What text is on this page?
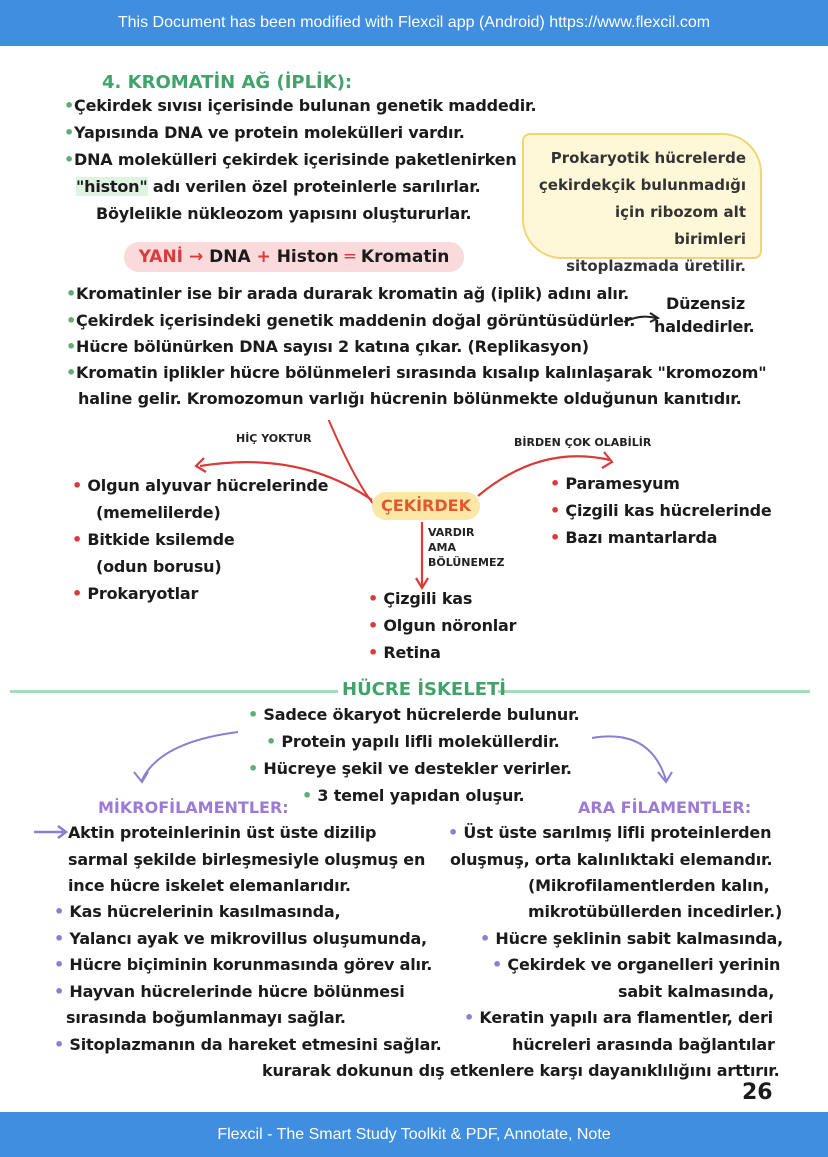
This Document has been modified with Flexcil app (Android) https://www.flexcil.com
Flexcil - The Smart Study Toolkit & PDF, Annotate, Note
4. KROMATİN AĞ (İPLİK):
•Çekirdek sıvısı içerisinde bulunan genetik maddedir.
•Yapısında DNA ve protein molekülleri vardır.
•DNA molekülleri çekirdek içerisinde paketlenirken
"histon" adı verilen özel proteinlerle sarılırlar.
Böylelikle nükleozom yapısını oluştururlar.
Prokaryotik hücrelerde
çekirdekçik bulunmadığı
için ribozom alt birimleri
sitoplazmada üretilir.
YANİ → DNA + Histon ═ Kromatin
•Kromatinler ise bir arada durarak kromatin ağ (iplik) adını alır.
•Çekirdek içerisindeki genetik maddenin doğal görüntüsüdürler.
•Hücre bölünürken DNA sayısı 2 katına çıkar. (Replikasyon)
•Kromatin iplikler hücre bölünmeleri sırasında kısalıp kalınlaşarak "kromozom"
haline gelir. Kromozomun varlığı hücrenin bölünmekte olduğunun kanıtıdır.
Düzensiz
haldedirler.
HİÇ YOKTUR	BİRDEN ÇOK OLABİLİR
ÇEKİRDEK
VARDIR
AMA
BÖLÜNEMEZ
• Olgun alyuvar hücrelerinde
(memelilerde)
• Bitkide ksilemde
(odun borusu)
• Prokaryotlar
• Paramesyum
• Çizgili kas hücrelerinde
• Bazı mantarlarda
• Çizgili kas
• Olgun nöronlar
• Retina
HÜCRE İSKELETİ
• Sadece ökaryot hücrelerde bulunur.
• Protein yapılı lifli moleküllerdir.
• Hücreye şekil ve destekler verirler.
• 3 temel yapıdan oluşur.
MİKROFİLAMENTLER:	ARA FİLAMENTLER:
Aktin proteinlerinin üst üste dizilip
sarmal şekilde birleşmesiyle oluşmuş en
ince hücre iskelet elemanlarıdır.
• Kas hücrelerinin kasılmasında,
• Yalancı ayak ve mikrovillus oluşumunda,
• Hücre biçiminin korunmasında görev alır.
• Hayvan hücrelerinde hücre bölünmesi
sırasında boğumlanmayı sağlar.
• Sitoplazmanın da hareket etmesini sağlar.
• Üst üste sarılmış lifli proteinlerden
oluşmuş, orta kalınlıktaki elemandır.
(Mikrofilamentlerden kalın,
mikrotübüllerden incedirler.)
• Hücre şeklinin sabit kalmasında,
• Çekirdek ve organelleri yerinin
sabit kalmasında,
• Keratin yapılı ara flamentler, deri
hücreleri arasında bağlantılar
kurarak dokunun dış etkenlere karşı dayanıklılığını arttırır.
26
